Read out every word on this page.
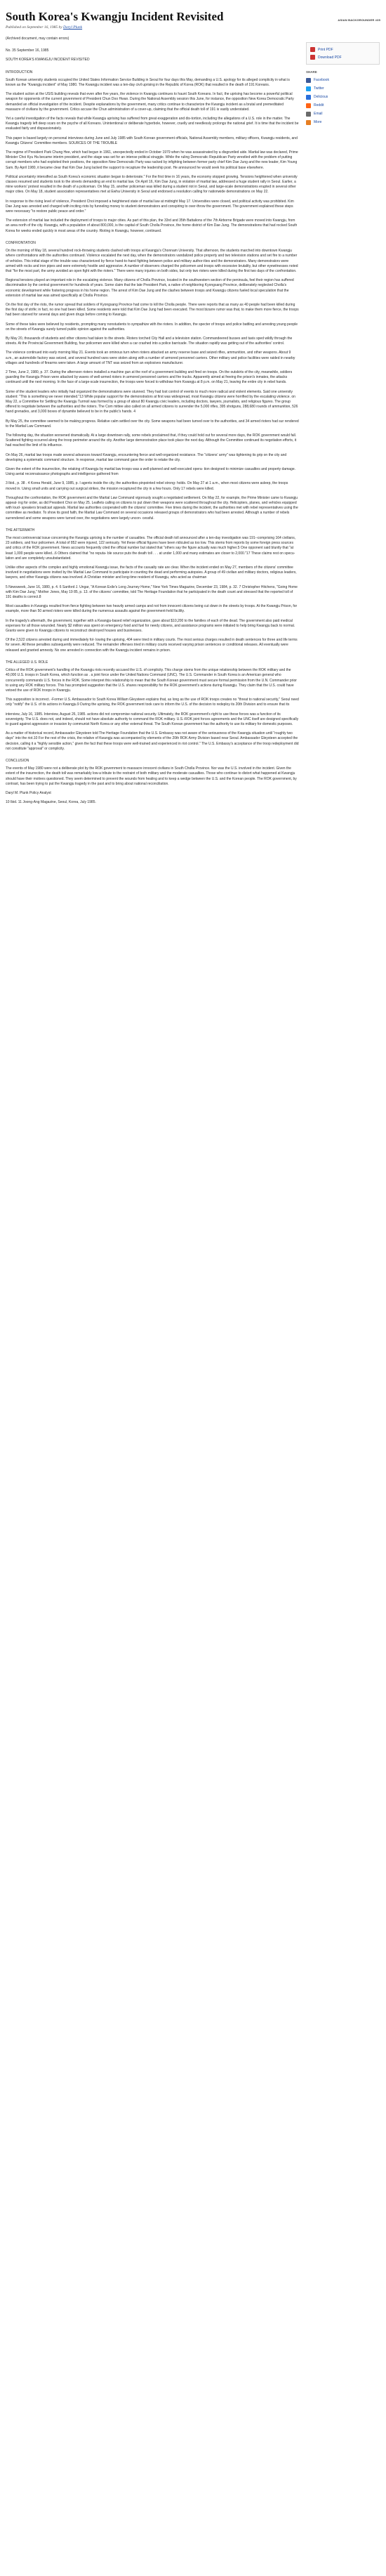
South Korea's Kwangju Incident Revisited	ASIAN BACKGROUNDER #35
Published on September 16, 1985 by Daryl Plunk

(Archived document, may contain errors)

No. 35 September 16, 1985

SOUTH KOREA'S KWANGJU INCIDENT REVISITED

INTRODUCTION

South Korean university students occupied the United States Information Service Building in Seoul for four days this May, demanding a U.S. apology for its alleged complicity in what is known as the "Kwangju incident" of May 1980. The Kwangju incident was a ten-day civil uprising in the Republic of Korea (ROK) that resulted in the death of 191 Koreans.

The student action at the USIS building reveals that even after five years, the violence in Kwangju continues to haunt South Koreans. In fact, the uprising has become a powerful political weapon for opponents of the current government of President Chun Doo Hwan. During the National Assembly session this June, for instance, the opposition New Korea Democratic Party demanded an official investigation of the incident. Despite explanations by the government, many critics continue to characterize the Kwangju incident as a brutal and premeditated massacre of civilians by the government. Critics accuse the Chun administration of a cover-up, claiming that the official death toll of 191 is vastly understated.

Yet a careful investigation of the facts reveals that while Kwangju uprising has suffered from great exaggeration and dis-tortion, including the allegations of a U.S. role in the matter. The Kwangju tragedy left deep scars on the psyche of all Koreans. Unintentional or deliberate hyperbole, however, cruelly and needlessly prolongs the national grief. It is time that the incident be evaluated fairly and dispassionately.

This paper is based largely on personal interviews during June and July 1985 with South Korean government officials, National Assembly members, military officers, Kwangju residents, and Kwangju Citizens' Committee members. SOURCES OF THE TROUBLE

The regime of President Park Chung Hee, which had begun in 1961, unexpectedly ended in October 1979 when he was assassinated by a disgruntled aide. Martial law was declared, Prime Minister Choi Kyu Ha became interim president, and the stage was set for an intense political struggle. While the ruling Democratic Republican Party wrestled with the problem of putting corrupt members who had exploited their positions, the opposition New Democratic Party was racked by infighting between former party chief Kim Dae Jung and the new leader, Kim Young Sam. By April 1980, it became clear that Kim Dae Jung lacked the support to recapture the leadership post. He announced he would seek his political base elsewhere.

Political uncertainty intensified as South Korea's economic situation began to deteriorate." For the first time in 16 years, the economy stopped growing. Tensions heightened when university classes resumed and students took to the streets demanding an end to martial law. On April 16, Kim Dae Jung, in violation of martial law, addressed a huge student rally in Seoul. Earlier, a mine workers' protest resulted in the death of a policeman. On May 15, another policeman was killed during a student riot in Seoul, and large-scale demonstrations erupted in several other major cities. On May 18, student association representatives met at Ewha University in Seoul and endorsed a resolution calling for nationwide demonstrations on May 22.

In response to the rising level of violence, President Choi imposed a heightened state of martial law at midnight May 17. Universities were closed, and political activity was prohibited. Kim Dae Jung was arrested and charged with inciting riots by funneling money to student demonstrators and conspiring to over-throw the government. The government explained these steps were necessary "to restore public peace and order."

The extension of martial law included the deployment of troops to major cities. As part of this plan, the 33rd and 35th Battalions of the 7th Airborne Brigade were moved into Kwangju, from an area north of the city. Kwangju, with a population of about 800,000, is the capital of South Cholla Province, the home district of Kim Dae Jung. The demonstrations that had rocked South Korea for weeks ended quickly in most areas of the country. Rioting in Kwangju, however, continued.

CONFRONTATION

On the morning of May 18, several hundred rock-throwing students clashed with troops at Kwangju's Chonnam University. That afternoon, the students marched into downtown Kwangju where confrontations with the authorities continued. Violence escalated the next day, when the demonstrators vandalized police property and two television stations and set fire to a number of vehicles. This initial stage of the trouble was characterized by fierce hand-to-hand fighting between police and military author-ities and the demonstrators. Many demonstrators were armed with rocks and iron pipes and were extremely hostile and aggressive. A number of observers charged the policemen and troops with excessive brutality, but other eyewitnesses noted that "for the most part, the army avoided an open fight with the rioters." There were many injuries on both sides, but only two rioters were killed during the first two days of the confrontation.

Regional tensions played an important role in the escalating violence. Many citizens of Cholla Province, located in the southwestern section of the peninsula, feel their region has suffered discrimination by the central government for hundreds of years. Some claim that the late President Park, a native of neighboring Kyongsang Province, deliberately neglected Cholla's economic development while fostering progress in his home region. The arrest of Kim Dae Jung and the clashes between troops and Kwangju citizens fueled local speculation that the extension of martial law was aimed specifically at Cholla Province.

On the first day of the riots, the rumor spread that soldiers of Kyongsang Province had come to kill the Cholla people. There were reports that as many as 40 people had been killed during the first day of strife; in fact, no one had been killed. Some residents were told that Kim Dae Jung had been executed. The most bizarre rumor was that, to make them more fierce, the troops had been starved for several days and given drugs before coming to Kwangju.

Some of these tales were believed by residents, prompting many nonstudents to sympathize with the rioters. In addition, the specter of troops and police battling and arresting young people on the streets of Kwangju surely turned public opinion against the authorities.

By May 20, thousands of students and other citizens had taken to the streets. Rioters torched City Hall and a television station. Commandeered busses and taxis sped wildly through the streets. At the Provincial Government Building, four policemen were killed when a car crashed into a police barricade. The situation rapidly was getting out of the authorities' control.

The violence continued into early morning May 21. Events took an ominous turn when rioters attacked an army reserve base and seized rifles, ammunition, and other weapons. About 9 a.m., an automobile factory was seized, and several hundred vans were stolen along with a number of armored personnel carriers. Other military and police facilities were raided in nearby villages and hundreds of firearms were taken. A large amount of TNT was seized from an explosives manufacturer.

2 Time, June 2, 1980, p. 37. During the afternoon rioters installed a machine gun at the roof of a government building and fired on troops. On the outskirts of the city, meanwhile, soldiers guarding the Kwangju Prison were attacked by waves of well-armed rioters in armored personnel carriers and fire trucks. Apparently aimed at freeing the prison's inmates, the attacks continued until the next morning. In the face of a large-scale insurrection, the troops were forced to withdraw from Kwangju at 8 p.m. on May 21, leaving the entire city in rebel hands.

Some of the student leaders who initially had organized the demonstrations were stunned. They had lost control of events to much more radical and violent elements. Said one university student: "This is something we never intended."13 While popular support for the demonstrators at first was widespread, most Kwangju citizens were horrified by the escalating violence. on May 22, a Committee for Settling the Kwangju Turmoil was formed by a group of about 80 Kwangju civic leaders, including doctors, lawyers, journalists, and religious figures. The group offered to negotiate between the authorities and the rioters. The Com mittee also called on all armed citizens to surrender the 5,000 rifles, 395 shotguns, 288,680 rounds of ammunition, 526 hand grenades, and 3,000 boxes of dynamite believed to be in the public's hands. 4

By May 25, the committee seemed to be making progress. Relative calm settled over the city. Some weapons had been turned over to the authorities, and 34 armed rioters had sur rendered to the Martial Law Command.

The following day, the situation worsened dramatically. At a large downtown rally, some rebels proclaimed that, if they could hold out for several more days, the ROK government would fall. Scattered fighting occurred along the troop perimeter around the city. Another large demonstration place took place the next day. Although the Committee continued its negotiation efforts, it had reached the limit of its influence.

On May 26, martial law troops made several advances toward Kwangju, encountering fierce and well-organized resistance. The "citizens' army" was tightening its grip on the city and developing a systematic command structure. In response, martial law command gave the order to retake the city.

Given the extent of the insurrection, the retaking of Kwangju by martial law troops was a well-planned and well-executed opera- tion designed to minimize casualties and property damage. Using aerial reconnaissance photographs and intelligence gathered from

3 Ibid., p. 38 . 4 Korea Herald, June 9, 1985, p. I agents inside the city, the authorities pinpointed rebel strong- holds. On May 27 at 1 a.m., when most citizens were asleep, the troops moved in. Using small units and carrying out surgical strikes, the mission recaptured the city in a few hours. Only 17 rebels were killed.

Throughout the confrontation, the ROK government and the Martial Law Command vigorously sought a negotiated settlement. On May 22, for example, the Prime Minister came to Kwangju appeal- ing for order, as did President Choi on May 25. Leaflets calling on citizens to put down their weapons were scattered throughout the city. Helicopters, planes, and vehicles equipped with loud- speakers broadcast appeals. Martial law authorities cooperated with the citizens' committee. Five times during the incident, the authorities met with rebel representatives using the committee as mediator. To show its good faith, the Martial Law Command on several occasions released groups of demonstrators who had been arrested. Although a number of rebels surrendered and some weapons were turned over, the negotiations were largely uncon- cessful.

THE AFTERMATH

The most controversial issue concerning the Kwangju uprising is the number of casualties. The official death toll announced after a ten-day investigation was 191--comprising 164 civilians, 23 soldiers, and four policemen. A total of 852 were injured, 122 seriously. Yet these official figures have been ridiculed as too low. This stems from reports by some foreign press sources and critics of the ROK government. News accounts frequently cited the official number but stated that "others say the figure actually was much higher.5 One opponent said bluntly that "at least 1,000 people were killed...6 Others claimed that "no reputa- ble source puts the death toll . . . at under 1,000 and many estimates are closer to 2,000."17 These claims rest on specu- lation and are completely unsubstantiated.

Unlike other aspects of the complex and highly emotional Kwangju issue, the facts of the casualty rate are clear. When the incident ended on May 27, members of the citizens' committee involved in negotiations were invited by the Martial Law Command to participate in counting the dead and performing autopsies. A group of 49 civilian and military doctors, religious leaders, lawyers, and other Kwangju citizens was involved. A Christian minister and long-time resident of Kwangju, who acted as chairman

5 Newsweek, June 16, 1980, p. 4. 6 Sanford J. Ungar, "A Korean Exile's Long Journey Home," New York Times Magazine, December 23, 1984, p. 32. 7 Christopher Hitchens, "Going Home with Kim Dae Jung," Mother Jones, May 19 85, p. 13. of the citizens' committee, told The Heritage Foundation that he participated in the death count and stressed that the reported toll of 191 deaths is correct.8

Most casualties in Kwangju resulted from fierce fighting between two heavily armed camps and not from innocent citizens being cut down in the streets by troops. At the Kwangju Prison, for example, more than 50 armed rioters were killed during the numerous assaults against the government-held facility.

In the tragedy's aftermath, the government, together with a Kwangju-based relief organization, gave about $10,200 to the families of each of the dead. The government also paid medical expenses for all those wounded. Nearly $2 million was spent on emergency food and fuel for needy citizens, and assistance programs were initiated to help bring Kwangju back to normal. Grants were given to Kwangju citizens to reconstruct destroyed houses and businesses.

Of the 2,522 citizens arrested during and immediately fol- lowing the uprising, 404 were tried in military courts. The most serious charges resulted in death sentences for three and life terms for seven. All these penalties subsequently were reduced. The remainder offenses tried in military courts received varying prison sentences or conditional releases. All eventually were released and granted amnesty. No one arrested in connection with the Kwangju incident remains in prison.

THE ALLEGED U.S. ROLE

Critics of the ROK government's handling of the Kwangju riots recently accused the U.S. of complicity. This charge stems from the unique relationship between the ROK military and the 40,000 U.S. troops in South Korea, which function as . a joint force under the United Nations Command (UNC). The U.S. Commander in South Korea is an American general who concurrently commands U.S. forces in the ROK. Some interpret this relationship to mean that the South Korean government must secure formal permission from the U.N. Commander prior to using any ROK military forces. This has prompted suggestion that the U.S. shares responsibility for the ROK government's actions during Kwangju. They claim that the U.S. could have vetoed the use of ROK troops in Kwangju.

This supposition is incorrect. -Former U.S. Ambassador to South Korea William Gleysteen explains that, as long as the use of ROK troops creates no "threat to national security," Seoul need only "notify" the U.S. of its actions in Kwangju.9 During the uprising, the ROK government took care to inform the U.S. of the decision to redeploy its 20th Division and to ensure that its

interview, July 16, 1985. Interview, August 26, 1985. actions did not compromise national security. Ultimately, the ROK government's right to use these forces was a function of its sovereignty. The U.S. does not, and indeed, should not have absolute authority to command the ROK military. U.S.-ROK joint forces agreements and the UNC itself are designed specifically to guard against aggression or invasion by communist North Korea or any other external threat. The South Korean government has the authority to use its military for domestic purposes.

As a matter of historical record, Ambassador Gleysteen told The Heritage Foundation that the U.S. Embassy was not aware of the seriousness of the Kwangju situation until "roughly two days" into the riot.10 For the rest of the crisis, the relative of Kwangju was accompanied by elements of the 20th ROK Army Division based near Seoul. Ambassador Gleysteen accepted the decision, calling it a "highly sensible action," given the fact that these troops were well-trained and experienced in riot control." The U.S. Embassy's acceptance of the troop redeployment did not constitute "approval" or complicity.

CONCLUSION

The events of May 1980 were not a deliberate plot by the ROK government to massacre innocent civilians in South Cholla Province. Nor was the U.S. involved in the incident. Given the extent of the insurrection, the death toll was remarkably low-a tribute to the restraint of both military and the moderate casualties. Those who continue to distort what happened at Kwangju should have their motives questioned. They seem determined to prevent the wounds from healing and to keep a wedge between the U.S. and the Korean people. The ROK government, by contrast, has been trying to put the Kwangju tragedy in the past and to bring about national reconciliation.

Daryl M. Plunk Policy Analyst

10 Ibid. 11 Joong-Ang Magazine, Seoul, Korea, July 1985.

Print PDF
Download PDF
SHARE
Facebook
Twitter
Delicious
Reddit
Email
More
